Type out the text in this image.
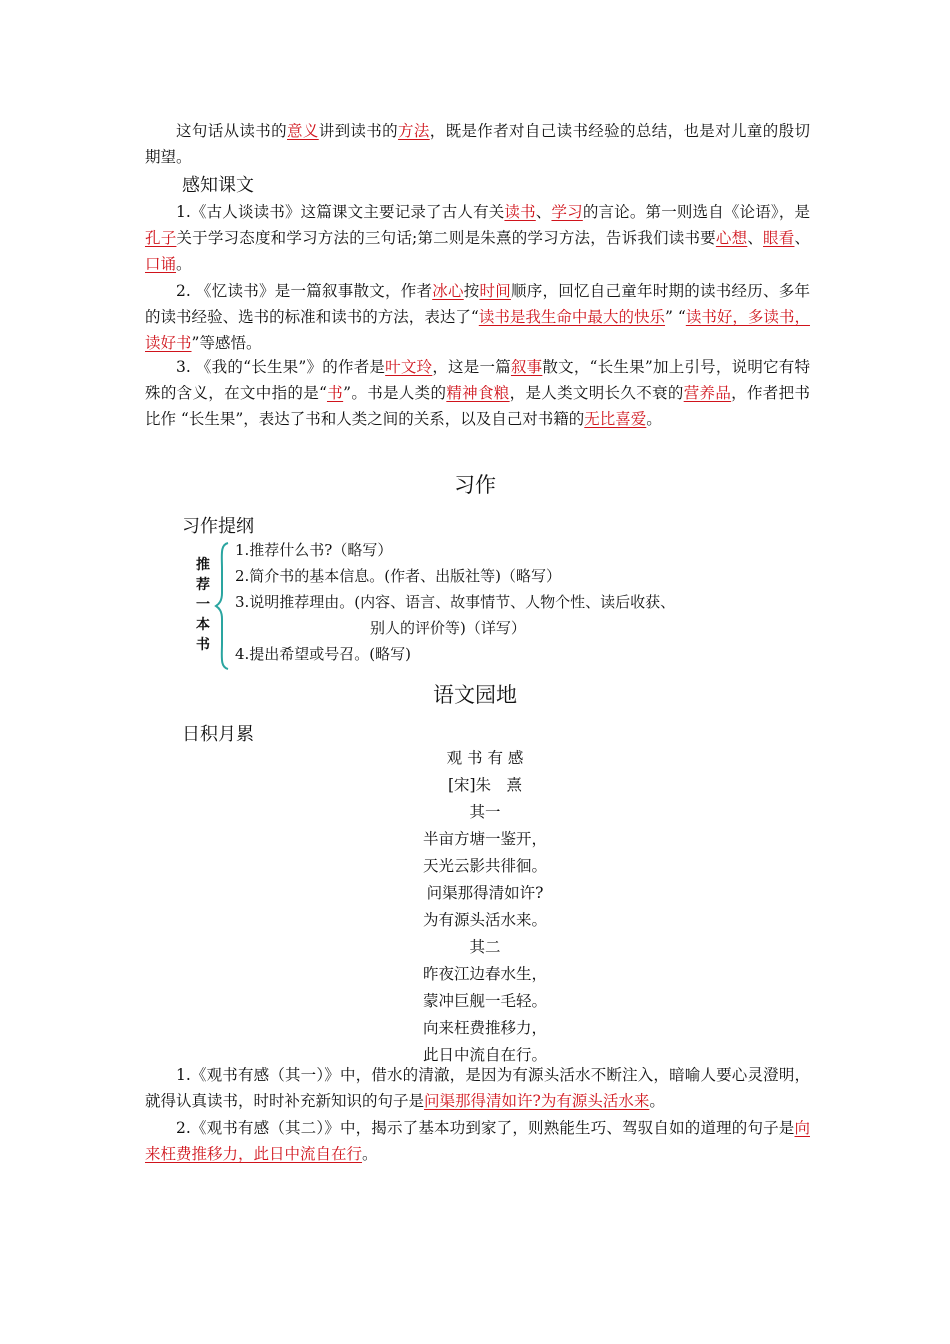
这句话从读书的意义讲到读书的方法，既是作者对自己读书经验的总结，也是对儿童的殷切期望。
感知课文
1.《古人谈读书》这篇课文主要记录了古人有关读书、学习的言论。第一则选自《论语》，是孔子关于学习态度和学习方法的三句话;第二则是朱熹的学习方法，告诉我们读书要心想、眼看、口诵。
2. 《忆读书》是一篇叙事散文，作者冰心按时间顺序，回忆自己童年时期的读书经历、多年的读书经验、选书的标准和读书的方法，表达了“读书是我生命中最大的快乐” “读书好，多读书，读好书”等感悟。
3. 《我的“长生果”》的作者是叶文玲，这是一篇叙事散文，“长生果”加上引号，说明它有特殊的含义，在文中指的是“书”。书是人类的精神食粮，是人类文明长久不衰的营养品，作者把书比作 “长生果”，表达了书和人类之间的关系，以及自己对书籍的无比喜爱。
习作
习作提纲
推
荐
一
本
书
1.推荐什么书?（略写）
2.简介书的基本信息。(作者、出版社等)（略写）
3.说明推荐理由。(内容、语言、故事情节、人物个性、读后收获、
别人的评价等)（详写）
4.提出希望或号召。(略写)
语文园地
日积月累
观 书 有 感
[宋]朱　熹
其一
半亩方塘一鉴开，
天光云影共徘徊。
问渠那得清如许?
为有源头活水来。
其二
昨夜江边春水生，
蒙冲巨舰一毛轻。
向来枉费推移力，
此日中流自在行。
1.《观书有感（其一）》中，借水的清澈，是因为有源头活水不断注入，暗喻人要心灵澄明，就得认真读书，时时补充新知识的句子是问渠那得清如许?为有源头活水来。
2.《观书有感（其二）》中，揭示了基本功到家了，则熟能生巧、驾驭自如的道理的句子是向来枉费推移力，此日中流自在行。
